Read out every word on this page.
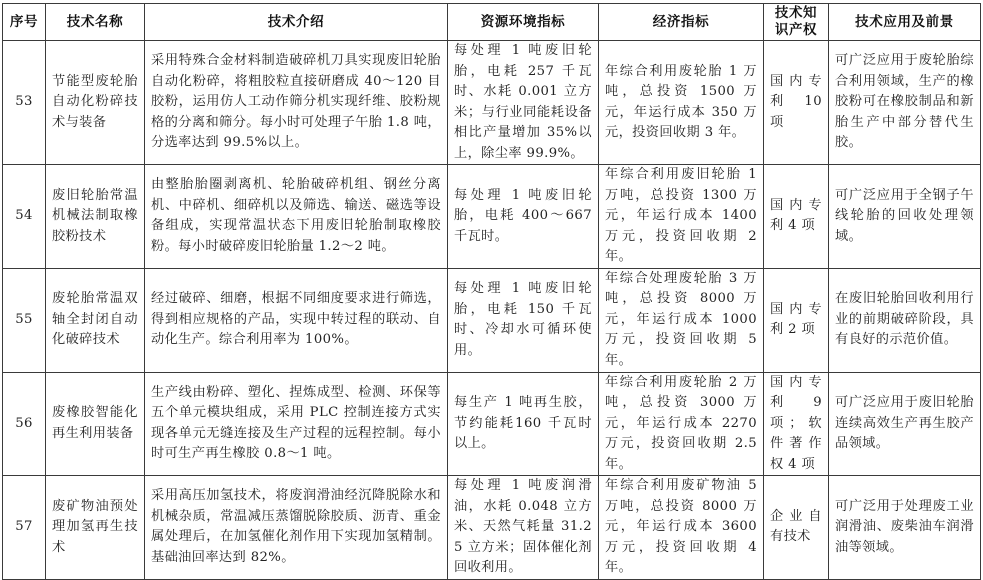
序号	技术名称	技术介绍	资源环境指标	经济指标	技术知识产权	技术应用及前景
53	节能型废轮胎自动化粉碎技术与装备	采用特殊合金材料制造破碎机刀具实现废旧轮胎自动化粉碎，将粗胶粒直接研磨成 40～120 目胶粉，运用仿人工动作筛分机实现纤维、胶粉规格的分离和筛分。每小时可处理子午胎 1.8 吨，分选率达到 99.5%以上。	每处理 1 吨废旧轮胎，电耗 257 千瓦时、水耗 0.001 立方米；与行业同能耗设备相比产量增加 35%以上，除尘率 99.9%。	年综合利用废轮胎 1 万吨，总投资 1500 万元，年运行成本 350 万元，投资回收期 3 年。	国内专利 10 项	可广泛应用于废轮胎综合利用领域，生产的橡胶粉可在橡胶制品和新胎生产中部分替代生胶。

54	废旧轮胎常温机械法制取橡胶粉技术	由整胎胎圈剥离机、轮胎破碎机组、钢丝分离机、中碎机、细碎机以及筛选、输送、磁选等设备组成，实现常温状态下用废旧轮胎制取橡胶粉。每小时破碎废旧轮胎量 1.2～2 吨。	每处理 1 吨废旧轮胎，电耗 400～667 千瓦时。	年综合利用废旧轮胎 1 万吨，总投资 1300 万元，年运行成本 1400 万元，投资回收期 2 年。	国内专利 4 项	可广泛应用于全钢子午线轮胎的回收处理领域。

55	废轮胎常温双轴全封闭自动化破碎技术	经过破碎、细磨，根据不同细度要求进行筛选，得到相应规格的产品，实现中转过程的联动、自动化生产。综合利用率为 100%。	每处理 1 吨废旧轮胎，电耗 150 千瓦时、冷却水可循环使用。	年综合处理废轮胎 3 万吨，总投资 8000 万元，年运行成本 1000 万元，投资回收期 5 年。	国内专利 2 项	在废旧轮胎回收利用行业的前期破碎阶段，具有良好的示范价值。

56	废橡胶智能化再生利用装备	生产线由粉碎、塑化、捏炼成型、检测、环保等五个单元模块组成，采用 PLC 控制连接方式实现各单元无缝连接及生产过程的远程控制。每小时可生产再生橡胶 0.8～1 吨。	每生产 1 吨再生胶，节约能耗160 千瓦时以上。	年综合利用废轮胎 2 万吨，总投资 3000 万元，年运行成本 2270 万元，投资回收期 2.5 年。	国内专利 9 项；软件著作权 4 项	可广泛应用于废旧轮胎连续高效生产再生胶产品领域。

57	废矿物油预处理加氢再生技术	采用高压加氢技术，将废润滑油经沉降脱除水和机械杂质，常温减压蒸馏脱除胶质、沥青、重金属处理后，在加氢催化剂作用下实现加氢精制。基础油回率达到 82%。	每处理 1 吨废润滑油，水耗 0.048 立方米、天然气耗量 31.25 立方米；固体催化剂回收利用。	年综合利用废矿物油 5 万吨，总投资 8000 万元，年运行成本 3600 万元，投资回收期 4 年。	企业自有技术	可广泛用于处理废工业润滑油、废柴油车润滑油等领域。
